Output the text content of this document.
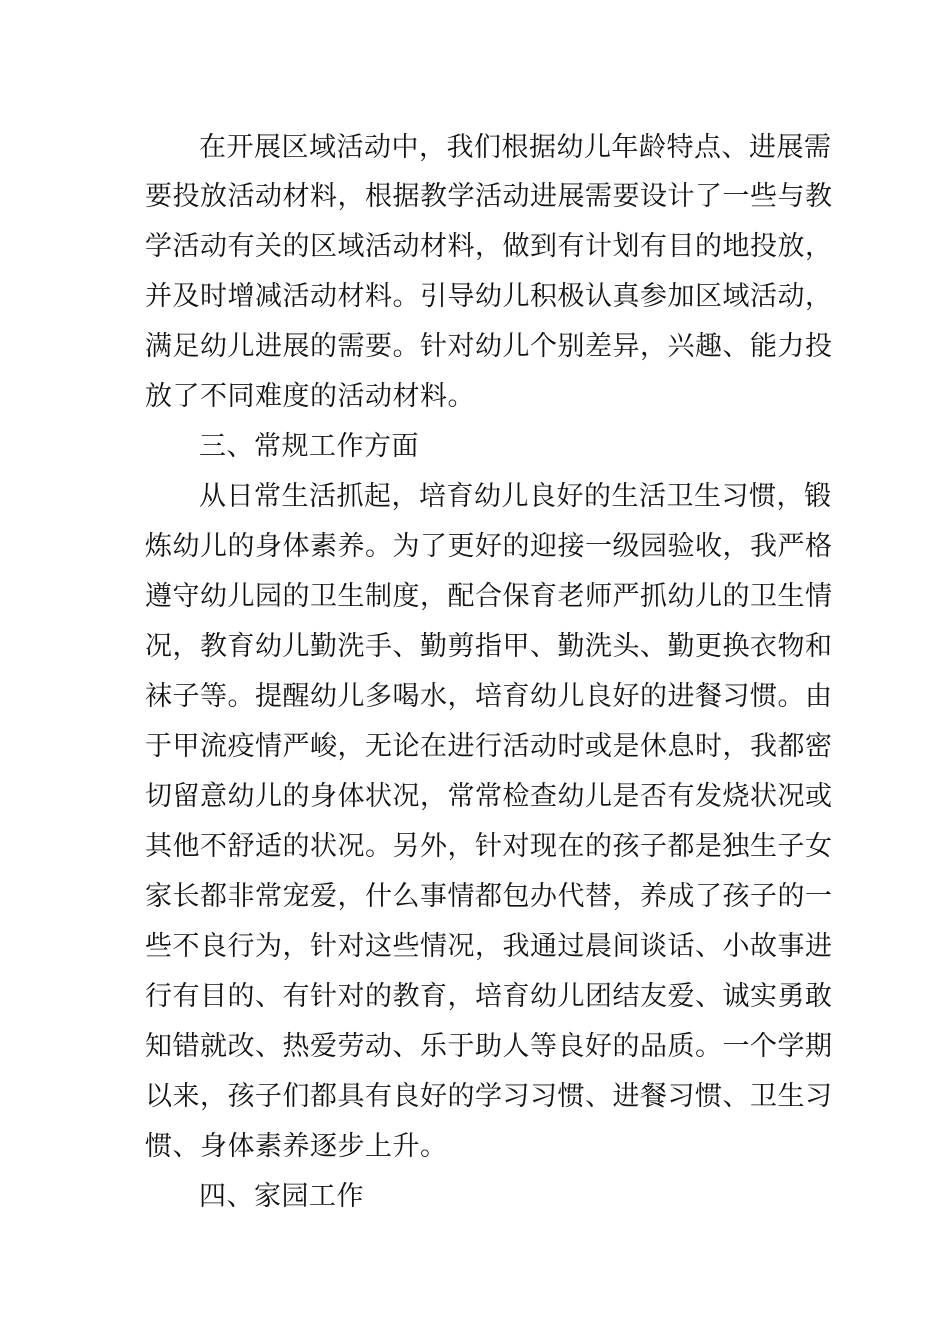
在开展区域活动中，我们根据幼儿年龄特点、进展需
要投放活动材料，根据教学活动进展需要设计了一些与教
学活动有关的区域活动材料，做到有计划有目的地投放，
并及时增减活动材料。引导幼儿积极认真参加区域活动，
满足幼儿进展的需要。针对幼儿个别差异，兴趣、能力投
放了不同难度的活动材料。
三、常规工作方面
从日常生活抓起，培育幼儿良好的生活卫生习惯，锻
炼幼儿的身体素养。为了更好的迎接一级园验收，我严格
遵守幼儿园的卫生制度，配合保育老师严抓幼儿的卫生情
况，教育幼儿勤洗手、勤剪指甲、勤洗头、勤更换衣物和
袜子等。提醒幼儿多喝水，培育幼儿良好的进餐习惯。由
于甲流疫情严峻，无论在进行活动时或是休息时，我都密
切留意幼儿的身体状况，常常检查幼儿是否有发烧状况或
其他不舒适的状况。另外，针对现在的孩子都是独生子女
家长都非常宠爱，什么事情都包办代替，养成了孩子的一
些不良行为，针对这些情况，我通过晨间谈话、小故事进
行有目的、有针对的教育，培育幼儿团结友爱、诚实勇敢
知错就改、热爱劳动、乐于助人等良好的品质。一个学期
以来，孩子们都具有良好的学习习惯、进餐习惯、卫生习
惯、身体素养逐步上升。
四、家园工作
